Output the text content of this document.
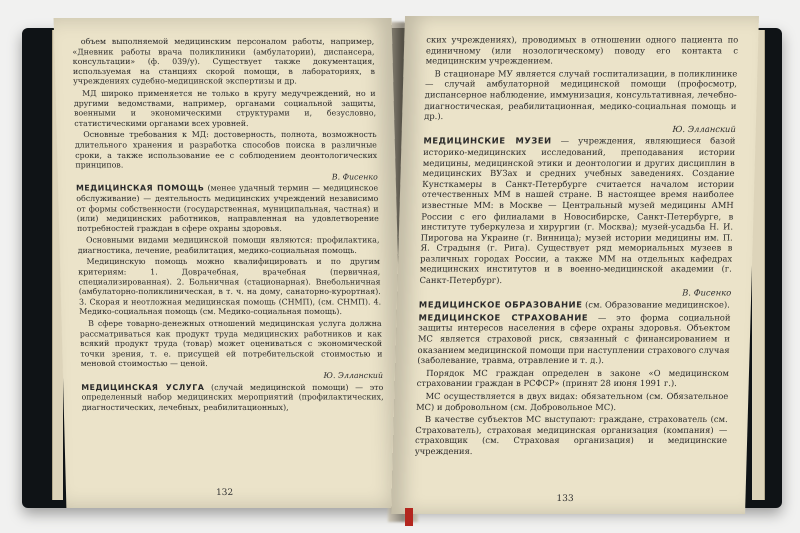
объем выполняемой медицинским персоналом работы, например, «Дневник работы врача поликлиники (амбулатории), диспансера, консультации» (ф. 039/у). Существует также документация, используемая на станциях скорой помощи, в лабораториях, в учреждениях судебно-медицинской экспертизы и др.

МД широко применяется не только в кругу медучреждений, но и другими ведомствами, например, органами социальной защиты, военными и экономическими структурами и, безусловно, статистическими органами всех уровней.

Основные требования к МД: достоверность, полнота, возможность длительного хранения и разработка способов поиска в различные сроки, а также использование ее с соблюдением деонтологических принципов.

В. Фисенко

МЕДИЦИНСКАЯ ПОМОЩЬ (менее удачный термин — медицинское обслуживание) — деятельность медицинских учреждений независимо от формы собственности (государственная, муниципальная, частная) и (или) медицинских работников, направленная на удовлетворение потребностей граждан в сфере охраны здоровья.

Основными видами медицинской помощи являются: профилактика, диагностика, лечение, реабилитация, медико-социальная помощь.

Медицинскую помощь можно квалифицировать и по другим критериям: 1. Доврачебная, врачебная (первичная, специализированная). 2. Больничная (стационарная). Внебольничная (амбулаторно-поликлиническая, в т. ч. на дому, санаторно-курортная). 3. Скорая и неотложная медицинская помощь (СНМП), (см. СНМП). 4. Медико-социальная помощь (см. Медико-социальная помощь).

В сфере товарно-денежных отношений медицинская услуга должна рассматриваться как продукт труда медицинских работников и как всякий продукт труда (товар) может оцениваться с экономической точки зрения, т. е. присущей ей потребительской стоимостью и меновой стоимостью — ценой.

Ю. Элланский

МЕДИЦИНСКАЯ УСЛУГА (случай медицинской помощи) — это определенный набор медицинских мероприятий (профилактических, диагностических, лечебных, реабилитационных),

132

ских учреждениях), проводимых в отношении одного пациента по единичному (или нозологическому) поводу его контакта с медицинским учреждением.

В стационаре МУ является случай госпитализации, в поликлинике — случай амбулаторной медицинской помощи (профосмотр, диспансерное наблюдение, иммунизация, консультативная, лечебно-диагностическая, реабилитационная, медико-социальная помощь и др.).

Ю. Элланский

МЕДИЦИНСКИЕ МУЗЕИ — учреждения, являющиеся базой историко-медицинских исследований, преподавания истории медицины, медицинской этики и деонтологии и других дисциплин в медицинских ВУЗах и средних учебных заведениях. Создание Кунсткамеры в Санкт-Петербурге считается началом истории отечественных ММ в нашей стране. В настоящее время наиболее известные ММ: в Москве — Центральный музей медицины АМН России с его филиалами в Новосибирске, Санкт-Петербурге, в институте туберкулеза и хирургии (г. Москва); музей-усадьба Н. И. Пирогова на Украине (г. Винница); музей истории медицины им. П. Я. Страдыня (г. Рига). Существует ряд мемориальных музеев в различных городах России, а также ММ на отдельных кафедрах медицинских институтов и в военно-медицинской академии (г. Санкт-Петербург).

В. Фисенко

МЕДИЦИНСКОЕ ОБРАЗОВАНИЕ (см. Образование медицинское).

МЕДИЦИНСКОЕ СТРАХОВАНИЕ — это форма социальной защиты интересов населения в сфере охраны здоровья. Объектом МС является страховой риск, связанный с финансированием и оказанием медицинской помощи при наступлении страхового случая (заболевание, травма, отравление и т. д.).

Порядок МС граждан определен в законе «О медицинском страховании граждан в РСФСР» (принят 28 июня 1991 г.).

МС осуществляется в двух видах: обязательном (см. Обязательное МС) и добровольном (см. Добровольное МС).

В качестве субъектов МС выступают: граждане, страхователь (см. Страхователь), страховая медицинская организация (компания) — страховщик (см. Страховая организация) и медицинские учреждения.

133
